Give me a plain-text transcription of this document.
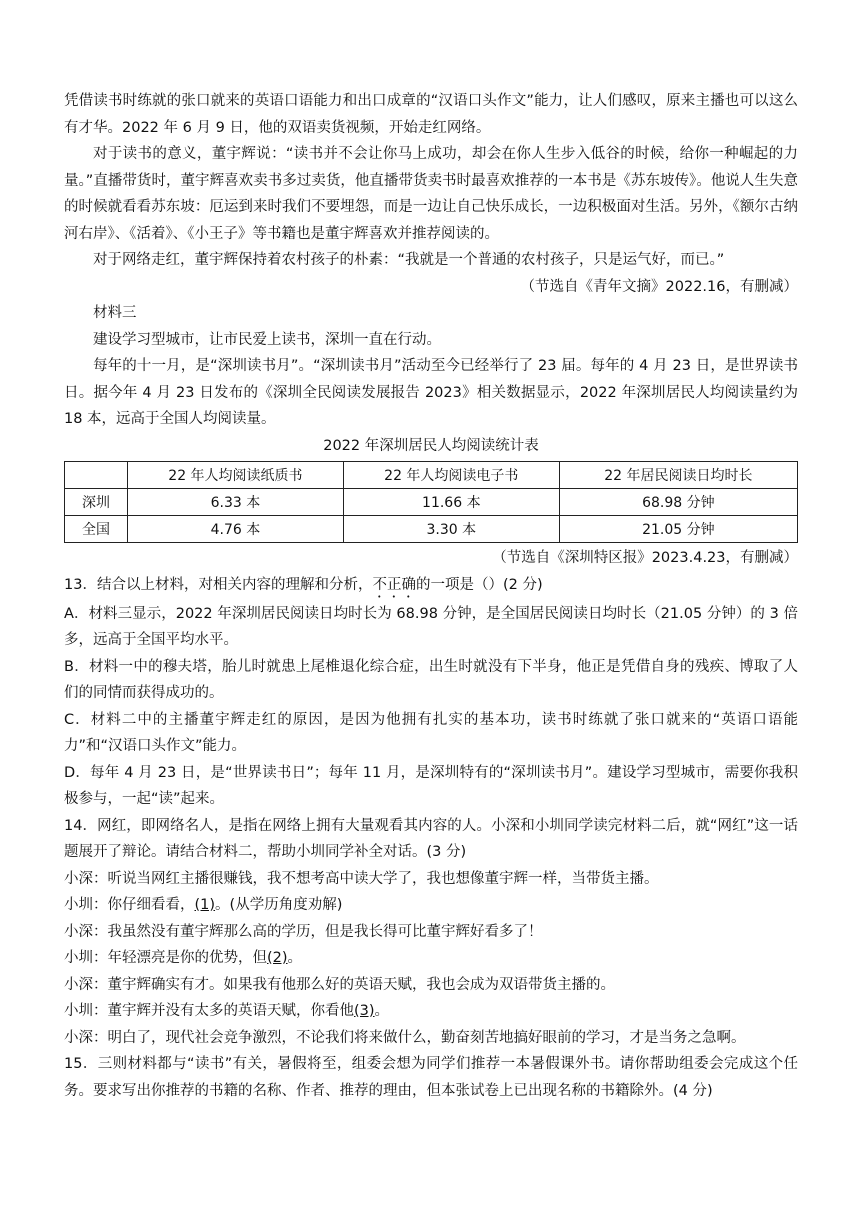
凭借读书时练就的张口就来的英语口语能力和出口成章的“汉语口头作文”能力，让人们感叹，原来主播也可以这么有才华。2022 年 6 月 9 日，他的双语卖货视频，开始走红网络。

对于读书的意义，董宇辉说：“读书并不会让你马上成功，却会在你人生步入低谷的时候，给你一种崛起的力量。”直播带货时，董宇辉喜欢卖书多过卖货，他直播带货卖书时最喜欢推荐的一本书是《苏东坡传》。他说人生失意的时候就看看苏东坡：厄运到来时我们不要埋怨，而是一边让自己快乐成长，一边积极面对生活。另外，《额尔古纳河右岸》、《活着》、《小王子》等书籍也是董宇辉喜欢并推荐阅读的。

对于网络走红，董宇辉保持着农村孩子的朴素：“我就是一个普通的农村孩子，只是运气好，而已。”

（节选自《青年文摘》2022.16，有删减）

材料三

建设学习型城市，让市民爱上读书，深圳一直在行动。

每年的十一月，是“深圳读书月”。“深圳读书月”活动至今已经举行了 23 届。每年的 4 月 23 日，是世界读书日。据今年 4 月 23 日发布的《深圳全民阅读发展报告 2023》相关数据显示，2022 年深圳居民人均阅读量约为 18 本，远高于全国人均阅读量。

2022 年深圳居民人均阅读统计表

	22 年人均阅读纸质书	22 年人均阅读电子书	22 年居民阅读日均时长
深圳	6.33 本	11.66 本	68.98 分钟
全国	4.76 本	3.30 本	21.05 分钟

（节选自《深圳特区报》2023.4.23，有删减）

13．结合以上材料，对相关内容的理解和分析，不正确的一项是（）(2 分)

A．材料三显示，2022 年深圳居民阅读日均时长为 68.98 分钟，是全国居民阅读日均时长（21.05 分钟）的 3 倍多，远高于全国平均水平。

B．材料一中的穆夫塔，胎儿时就患上尾椎退化综合症，出生时就没有下半身，他正是凭借自身的残疾、博取了人们的同情而获得成功的。

C．材料二中的主播董宇辉走红的原因，是因为他拥有扎实的基本功，读书时练就了张口就来的“英语口语能力”和“汉语口头作文”能力。

D．每年 4 月 23 日，是“世界读书日”；每年 11 月，是深圳特有的“深圳读书月”。建设学习型城市，需要你我积极参与，一起“读”起来。

14．网红，即网络名人，是指在网络上拥有大量观看其内容的人。小深和小圳同学读完材料二后，就“网红”这一话题展开了辩论。请结合材料二，帮助小圳同学补全对话。(3 分)

小深：听说当网红主播很赚钱，我不想考高中读大学了，我也想像董宇辉一样，当带货主播。

小圳：你仔细看看，(1)。(从学历角度劝解)

小深：我虽然没有董宇辉那么高的学历，但是我长得可比董宇辉好看多了！

小圳：年轻漂亮是你的优势，但(2)。

小深：董宇辉确实有才。如果我有他那么好的英语天赋，我也会成为双语带货主播的。

小圳：董宇辉并没有太多的英语天赋，你看他(3)。

小深：明白了，现代社会竞争激烈，不论我们将来做什么，勤奋刻苦地搞好眼前的学习，才是当务之急啊。

15．三则材料都与“读书”有关，暑假将至，组委会想为同学们推荐一本暑假课外书。请你帮助组委会完成这个任务。要求写出你推荐的书籍的名称、作者、推荐的理由，但本张试卷上已出现名称的书籍除外。(4 分)
